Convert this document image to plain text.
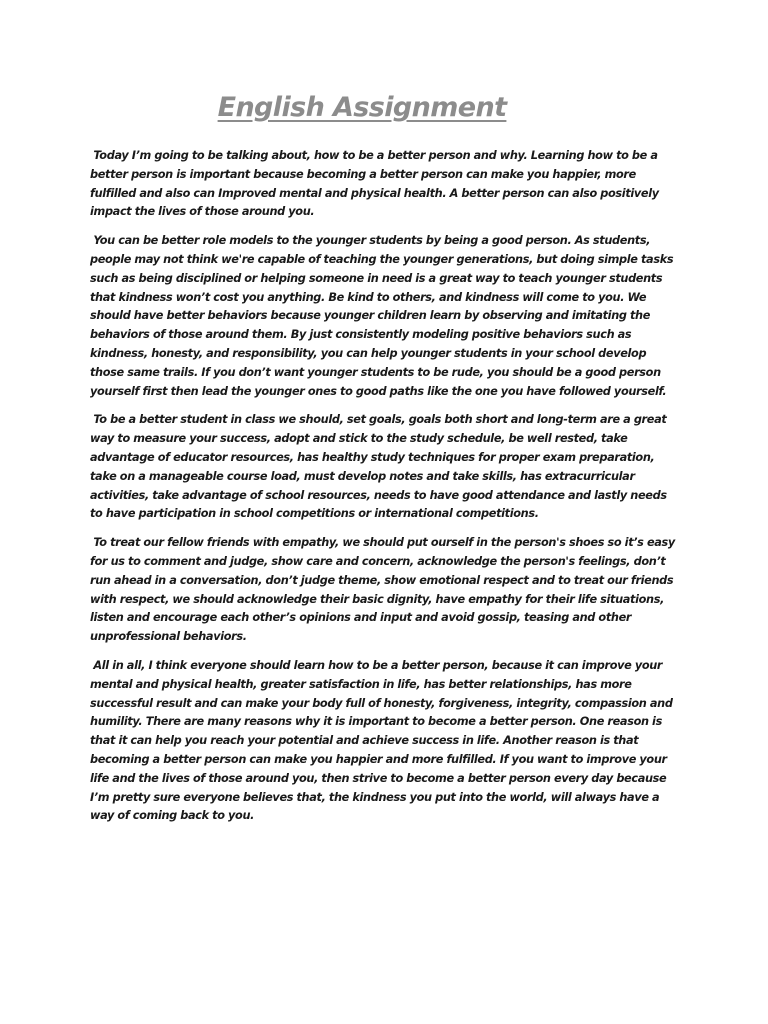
English Assignment

Today I’m going to be talking about, how to be a better person and why. Learning how to be a better person is important because becoming a better person can make you happier, more fulfilled and also can Improved mental and physical health. A better person can also positively impact the lives of those around you.

You can be better role models to the younger students by being a good person. As students, people may not think we're capable of teaching the younger generations, but doing simple tasks such as being disciplined or helping someone in need is a great way to teach younger students that kindness won’t cost you anything. Be kind to others, and kindness will come to you. We should have better behaviors because younger children learn by observing and imitating the behaviors of those around them. By just consistently modeling positive behaviors such as kindness, honesty, and responsibility, you can help younger students in your school develop those same trails. If you don’t want younger students to be rude, you should be a good person yourself first then lead the younger ones to good paths like the one you have followed yourself.

To be a better student in class we should, set goals, goals both short and long-term are a great way to measure your success, adopt and stick to the study schedule, be well rested, take advantage of educator resources, has healthy study techniques for proper exam preparation, take on a manageable course load, must develop notes and take skills, has extracurricular activities, take advantage of school resources, needs to have good attendance and lastly needs to have participation in school competitions or international competitions.

To treat our fellow friends with empathy, we should put ourself in the person's shoes so it’s easy for us to comment and judge, show care and concern, acknowledge the person's feelings, don’t run ahead in a conversation, don’t judge theme, show emotional respect and to treat our friends with respect, we should acknowledge their basic dignity, have empathy for their life situations, listen and encourage each other’s opinions and input and avoid gossip, teasing and other unprofessional behaviors.

All in all, I think everyone should learn how to be a better person, because it can improve your mental and physical health, greater satisfaction in life, has better relationships, has more successful result and can make your body full of honesty, forgiveness, integrity, compassion and humility. There are many reasons why it is important to become a better person. One reason is that it can help you reach your potential and achieve success in life. Another reason is that becoming a better person can make you happier and more fulfilled. If you want to improve your life and the lives of those around you, then strive to become a better person every day because I’m pretty sure everyone believes that, the kindness you put into the world, will always have a way of coming back to you.
